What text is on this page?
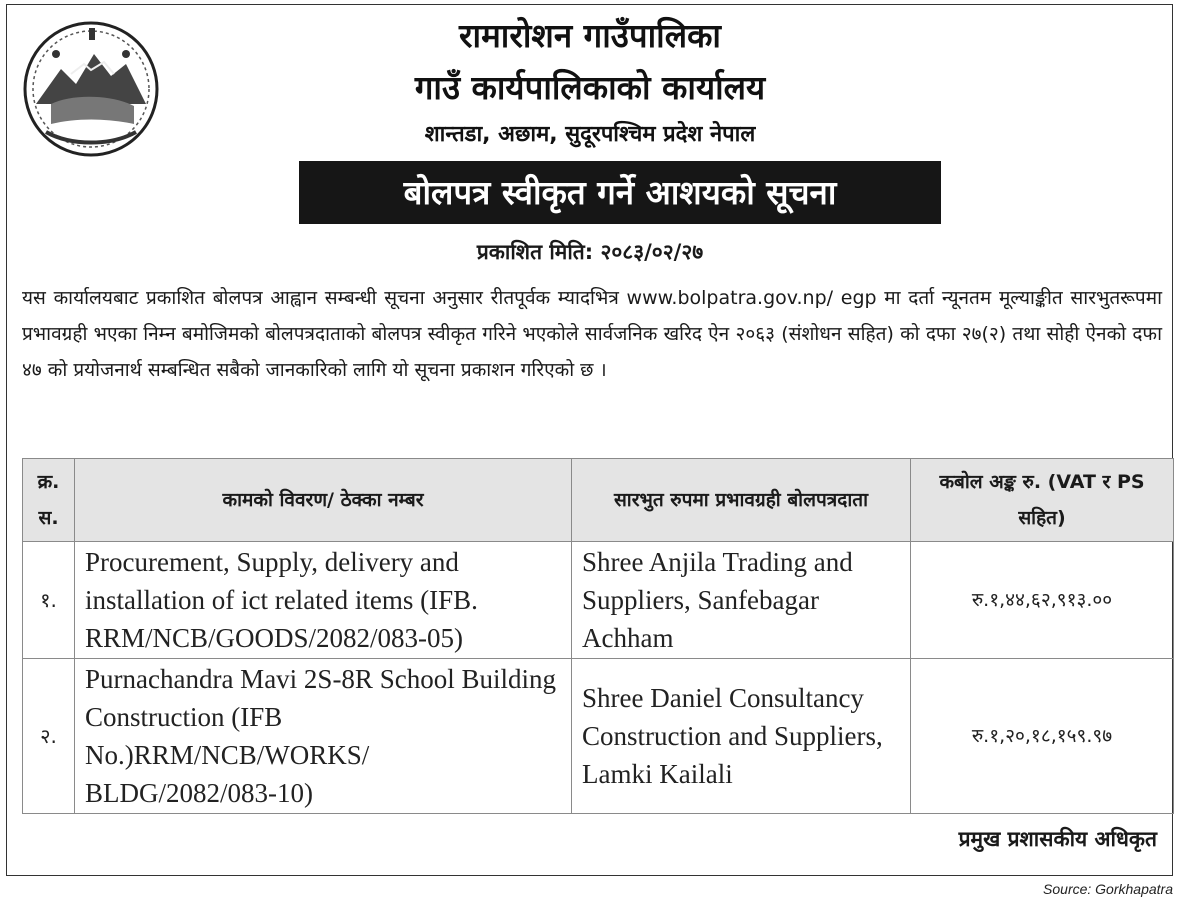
रामारोशन गाउँपालिका
गाउँ कार्यपालिकाको कार्यालय
शान्तडा, अछाम, सुदूरपश्चिम प्रदेश नेपाल
बोलपत्र स्वीकृत गर्ने आशयको सूचना
प्रकाशित मिति: २०८३/०२/२७
यस कार्यालयबाट प्रकाशित बोलपत्र आह्वान सम्बन्धी सूचना अनुसार रीतपूर्वक म्यादभित्र www.bolpatra.gov.np/ egp मा दर्ता न्यूनतम मूल्याङ्कीत सारभुतरूपमा प्रभावग्रही भएका निम्न बमोजिमको बोलपत्रदाताको बोलपत्र स्वीकृत गरिने भएकोले सार्वजनिक खरिद ऐन २०६३ (संशोधन सहित) को दफा २७(२) तथा सोही ऐनको दफा ४७ को प्रयोजनार्थ सम्बन्धित सबैको जानकारिको लागि यो सूचना प्रकाशन गरिएको छ ।
क्र. स.	कामको विवरण/ ठेक्का नम्बर	सारभुत रुपमा प्रभावग्रही बोलपत्रदाता	कबोल अङ्क रु. (VAT र PS सहित)
१.	Procurement, Supply, delivery and installation of ict related items (IFB. RRM/NCB/GOODS/2082/083-05)	Shree Anjila Trading and Suppliers, Sanfebagar Achham	रु.१,४४,६२,९१३.००
२.	Purnachandra Mavi 2S-8R School Building Construction (IFB No.)RRM/NCB/WORKS/ BLDG/2082/083-10)	Shree Daniel Consultancy Construction and Suppliers, Lamki Kailali	रु.१,२०,१८,१५९.९७
प्रमुख प्रशासकीय अधिकृत
Source: Gorkhapatra
